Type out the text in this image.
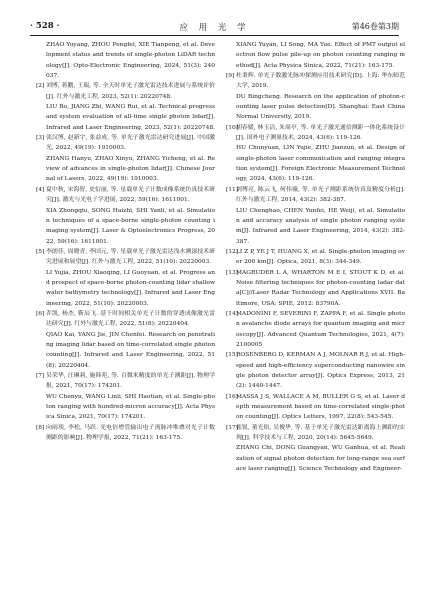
· 528 ·	应 用 光 学	第46卷第3期
ZHAO Yuyang, ZHOU Pengfei, XIE Tianpeng, et al. Development status and trends of single-photon LiDAR technology[J]. Opto-Electronic Engineering, 2024, 51(3): 240037.
[2] 刘博, 蒋鹏, 王瑞, 等. 全天时单光子激光雷达技术进展与系统评价[J]. 红外与激光工程, 2023, 52(1): 20220748.
LIU Bo, JIANG Zhi, WANG Rui, et al. Technical progress and system evaluation of all-time single photon lidar[J]. Infrared and Laser Engineering, 2023, 52(1): 20220748.
[3] 张汉博, 赵新宇, 张益成, 等. 单光子激光雷达研究进展[J]. 中国激光, 2022, 49(19): 1910003.
ZHANG Hanyu, ZHAO Xinyu, ZHANG Yicheng, et al. Review of advances in single-photon lidar[J]. Chinese Journal of Lasers, 2022, 49(19): 1910003.
[4] 夏中秋, 宋海智, 史衍丽, 等. 星载单光子计数成像系统仿真技术研究[J]. 激光与光电子学进展, 2022, 59(16): 1611001.
XIA Zhongqiu, SONG Haizhi, SHI Yanli, et al. Simulation techniques of a space-borne single-photon counting imaging system[J]. Laser & Optoelectronics Progress, 2022, 59(16): 1611001.
[5] 李朗佳, 周晓青, 李国元, 等. 星载单光子激光雷达浅水测深技术研究进展和展望[J]. 红外与激光工程, 2022, 51(10): 20220003.
LI Yujia, ZHOU Xiaoqing, LI Guoyuan, et al. Progress and prospect of space-borne photon-counting lidar shallow water bathymetry technology[J]. Infrared and Laser Engineering, 2022, 51(10): 20220003.
[6] 乔凯, 杨杰, 靳辰飞. 基于时间相关单光子计数的穿透成像激光雷达研究[J]. 红外与激光工程, 2022, 51(8): 20220404.
QIAO Kai, YANG Jie, JIN Chenfei. Research on penetrating imaging lidar based on time-correlated single photon counting[J]. Infrared and Laser Engineering, 2022, 51(8): 20220404.
[7] 吴荣华, 汪琳莉, 施韩苑, 等. 百微米精度的单光子测距[J]. 物理学报, 2021, 70(17): 174201.
WU Chenyu, WANG Linli, SHI Haotian, et al. Single-photon ranging with hundred-micron accuracy[J]. Acta Physica Sinica, 2021, 70(17): 174201.
[8] 向雨琰, 李松, 马跃. 光电倍增管输出电子流脉冲堆叠对光子计数测距的影响[J]. 物理学报, 2022, 71(21): 163-175.
XIANG Yuyan, LI Song, MA Yue. Effect of PMT output electron flow pulse pile-up on photon counting ranging method[J]. Acta Physica Sinica, 2022, 71(21): 163-175.
[9] 杜秉辉. 单光子数激光脉冲探测应用技术研究[D]. 上海: 华东师范大学, 2019.
DU Bingcheng. Research on the application of photon-counting laser pulse detection[D]. Shanghai: East China Normal University, 2019.
[10]
胡春媛, 林玉洁, 朱周亭, 等. 单光子激光通信测距一体化系统设计[J]. 国外电子测量技术, 2024, 43(6): 119-126.
HU Chunyuan, LIN Yujie, ZHU Jianzun, et al. Design of single-photon laser communication and ranging integration system[J]. Foreign Electronic Measurement Technology, 2024, 43(6): 119-126.
[11]
刘博亮, 陈云飞, 何伟薇, 等. 单光子测距系统仿真及精度分析[J]. 红外与激光工程, 2014, 43(2): 382-387.
LIU Chenghao, CHEN Yunfei, HE Weiji, et al. Simulation and accuracy analysis of single photon ranging system[J]. Infrared and Laser Engineering, 2014, 43(2): 382-387.
[12]
LI Z P, YE J T, HUANG X, et al. Single-photon imaging over 200 km[J]. Optica, 2021, 8(3): 344-349.
[13]
MAGRUDER L A, WHARTON M E I, STOUT K D, et al. Noise filtering techniques for photon-counting ladar data[C]//Laser Radar Technology and Applications XVII. Baltimore, USA: SPIE, 2012: 83790A.
[14]
MADONINI F, SEVERINI F, ZAPPA F, et al. Single photon avalanche diode arrays for quantum imaging and microscopy[J]. Advanced Quantum Technologies, 2021, 4(7): 2100005
[15]
ROSENBERG D, KERMAN A J, MOLNAR R J, et al. High-speed and high-efficiency superconducting nanowire single photon detector array[J]. Optics Express, 2013, 21(2): 1440-1447.
[16]
MASSA J S, WALLACE A M, BULLER G S, et al. Laser depth measurement based on time-correlated single-photon counting[J]. Optics Letters, 1997, 22(8): 543-545.
[17]
张锐, 董光焰, 吴俊华, 等. 基于单光子激光雷达距离海上测距的实现[J]. 科学技术与工程, 2020, 20(14): 5645-5649.
ZHANG Chi, DONG Guangyan, WU Ganhua, et al. Realization of signal photon detection for long-range sea surface laser ranging[J]. Science Technology and Engineer-
